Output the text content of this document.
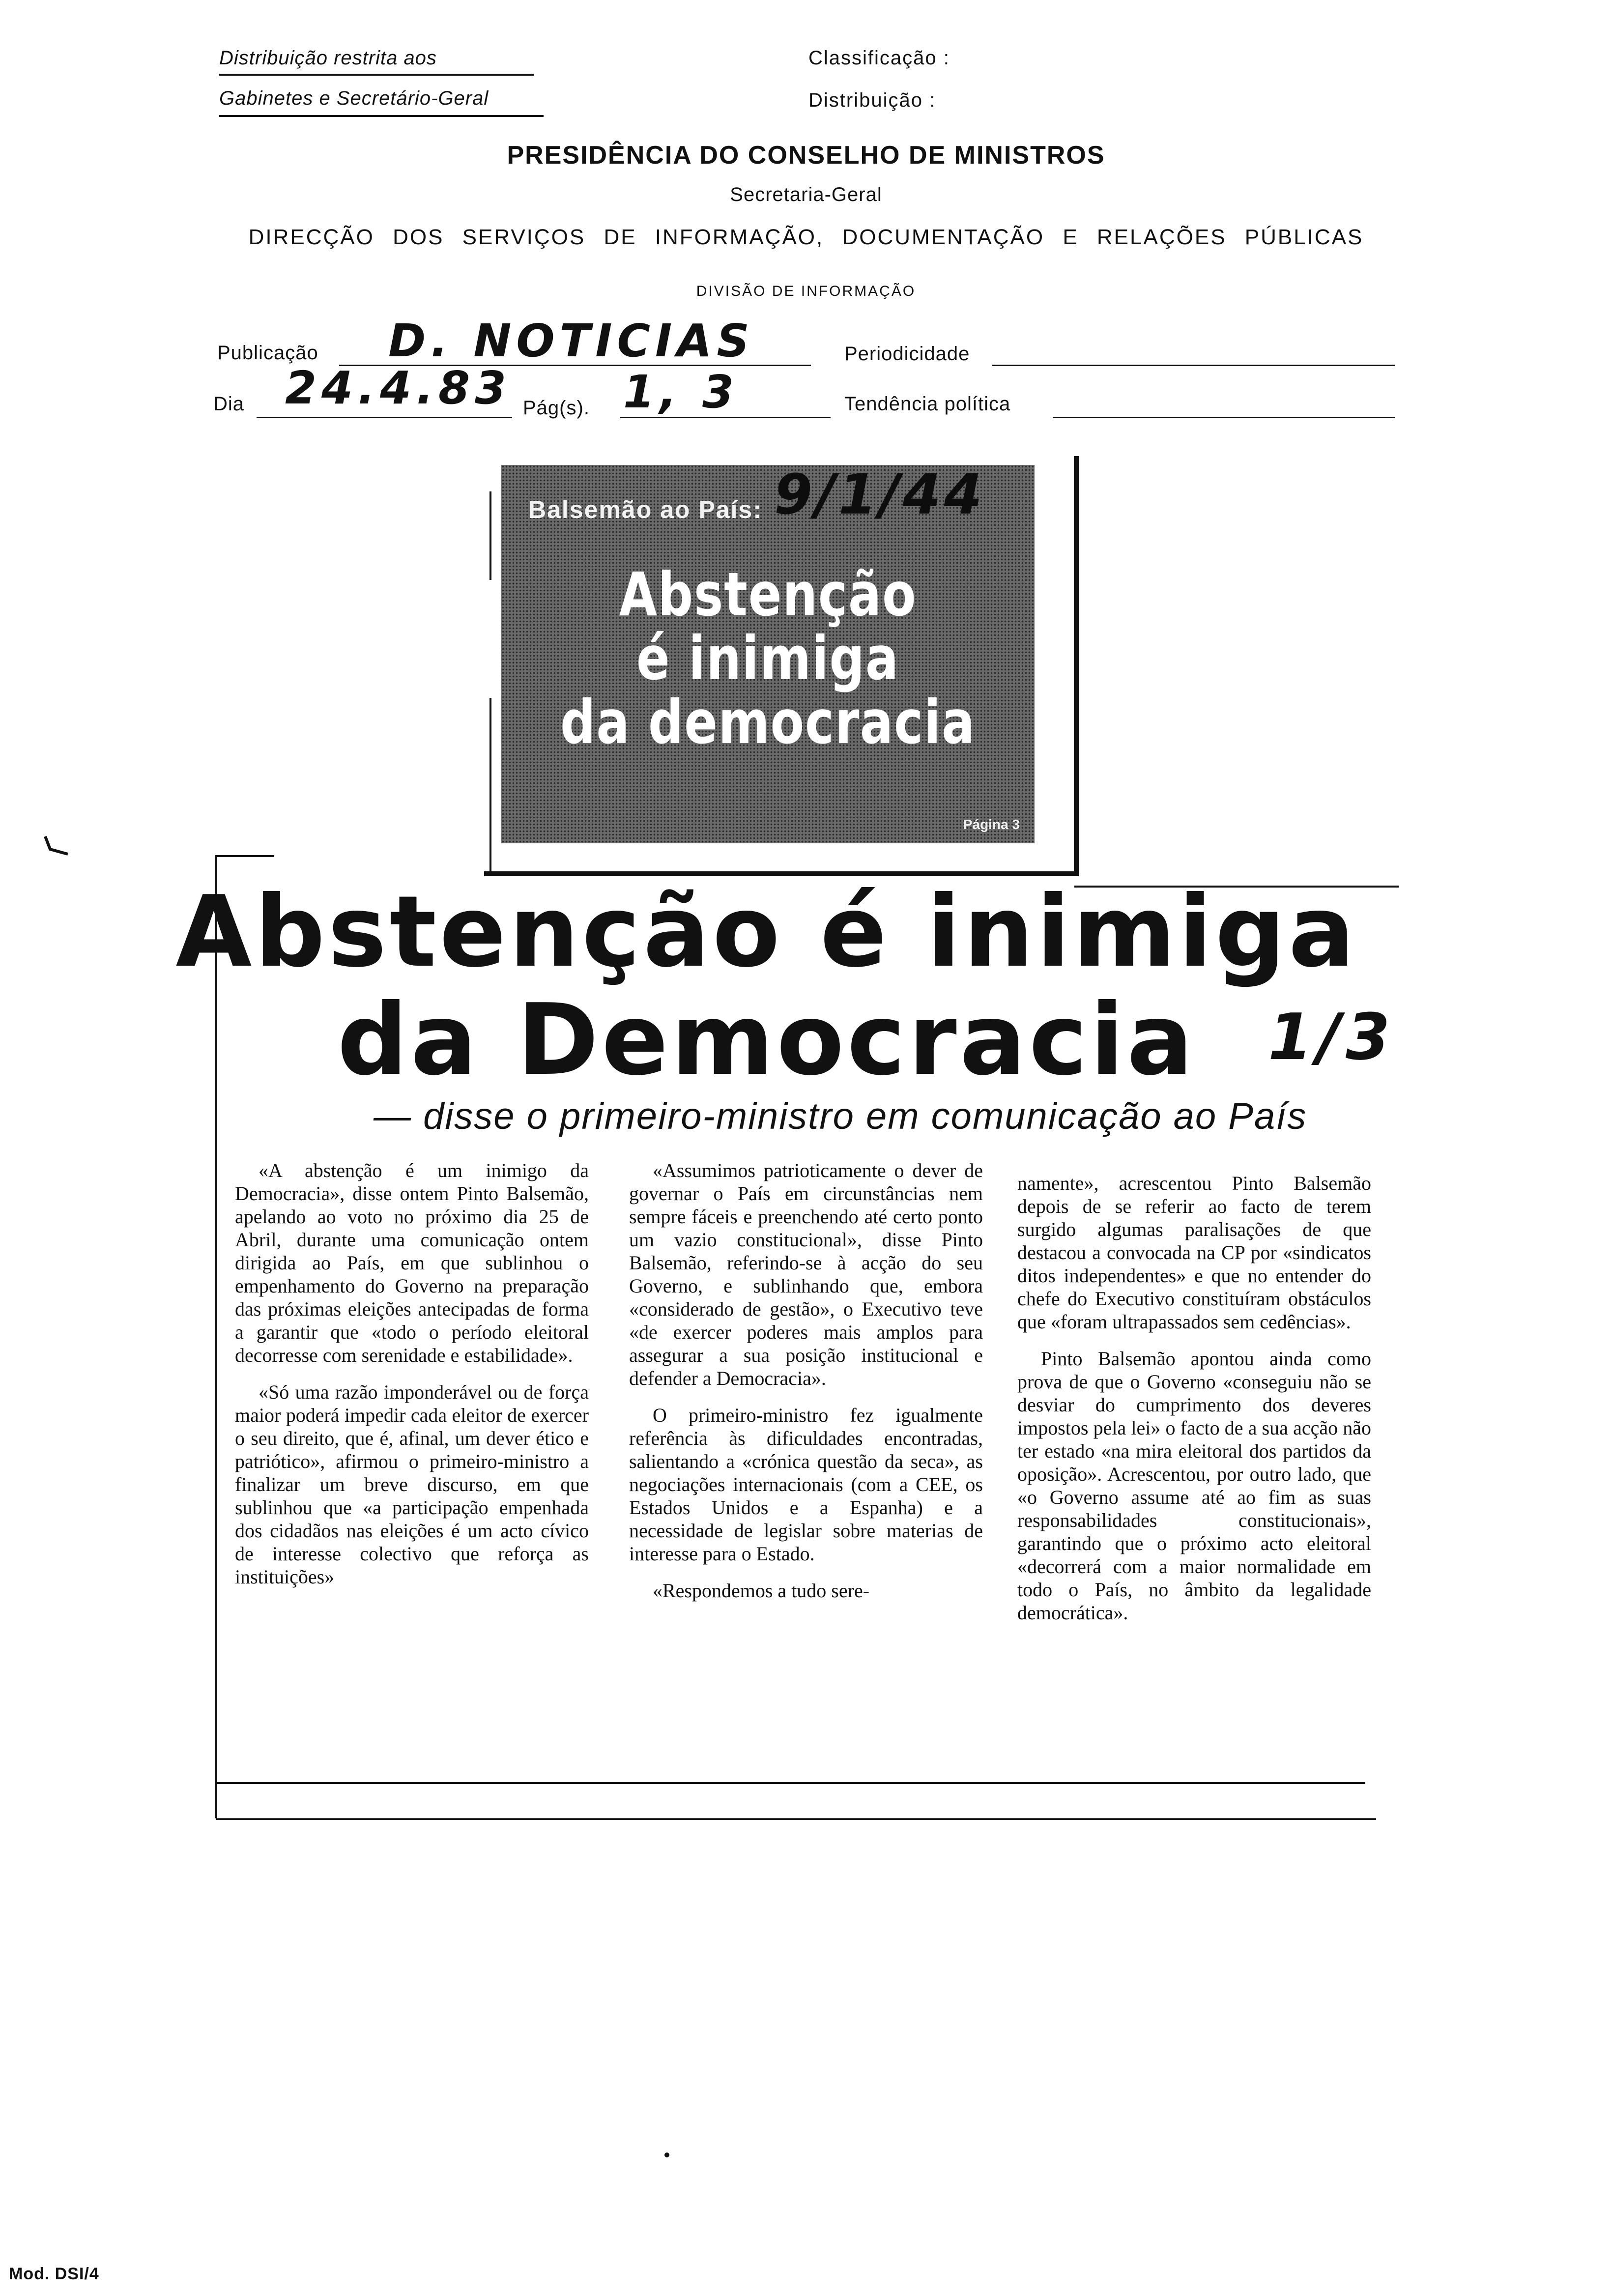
Distribuição restrita aos
Gabinetes e Secretário-Geral
Classificação :
Distribuição :
PRESIDÊNCIA DO CONSELHO DE MINISTROS
Secretaria-Geral
DIRECÇÃO DOS SERVIÇOS DE INFORMAÇÃO, DOCUMENTAÇÃO E RELAÇÕES PÚBLICAS
DIVISÃO DE INFORMAÇÃO
Publicação D. NOTICIAS	Periodicidade
Dia 24.4.83 Pág(s). 1, 3	Tendência política
Balsemão ao País:
Abstenção
é inimiga
da democracia
Página 3
9/1/44
Abstenção é inimiga
da Democracia	1/3
— disse o primeiro-ministro em comunicação ao País

«A abstenção é um inimigo da Democracia», disse ontem Pinto Balsemão, apelando ao voto no próximo dia 25 de Abril, durante uma comunicação ontem dirigida ao País, em que sublinhou o empenhamento do Governo na preparação das próximas eleições antecipadas de forma a garantir que «todo o período eleitoral decorresse com serenidade e estabilidade».

«Só uma razão imponderável ou de força maior poderá impedir cada eleitor de exercer o seu direito, que é, afinal, um dever ético e patriótico», afirmou o primeiro-ministro a finalizar um breve discurso, em que sublinhou que «a participação empenhada dos cidadãos nas eleições é um acto cívico de interesse colectivo que reforça as instituições»

«Assumimos patrioticamente o dever de governar o País em circunstâncias nem sempre fáceis e preenchendo até certo ponto um vazio constitucional», disse Pinto Balsemão, referindo-se à acção do seu Governo, e sublinhando que, embora «considerado de gestão», o Executivo teve «de exercer poderes mais amplos para assegurar a sua posição institucional e defender a Democracia».

O primeiro-ministro fez igualmente referência às dificuldades encontradas, salientando a «crónica questão da seca», as negociações internacionais (com a CEE, os Estados Unidos e a Espanha) e a necessidade de legislar sobre materias de interesse para o Estado.

«Respondemos a tudo sere-

namente», acrescentou Pinto Balsemão depois de se referir ao facto de terem surgido algumas paralisações de que destacou a convocada na CP por «sindicatos ditos independentes» e que no entender do chefe do Executivo constituíram obstáculos que «foram ultrapassados sem cedências».

Pinto Balsemão apontou ainda como prova de que o Governo «conseguiu não se desviar do cumprimento dos deveres impostos pela lei» o facto de a sua acção não ter estado «na mira eleitoral dos partidos da oposição». Acrescentou, por outro lado, que «o Governo assume até ao fim as suas responsabilidades constitucionais», garantindo que o próximo acto eleitoral «decorrerá com a maior normalidade em todo o País, no âmbito da legalidade democrática».

Mod. DSI/4
